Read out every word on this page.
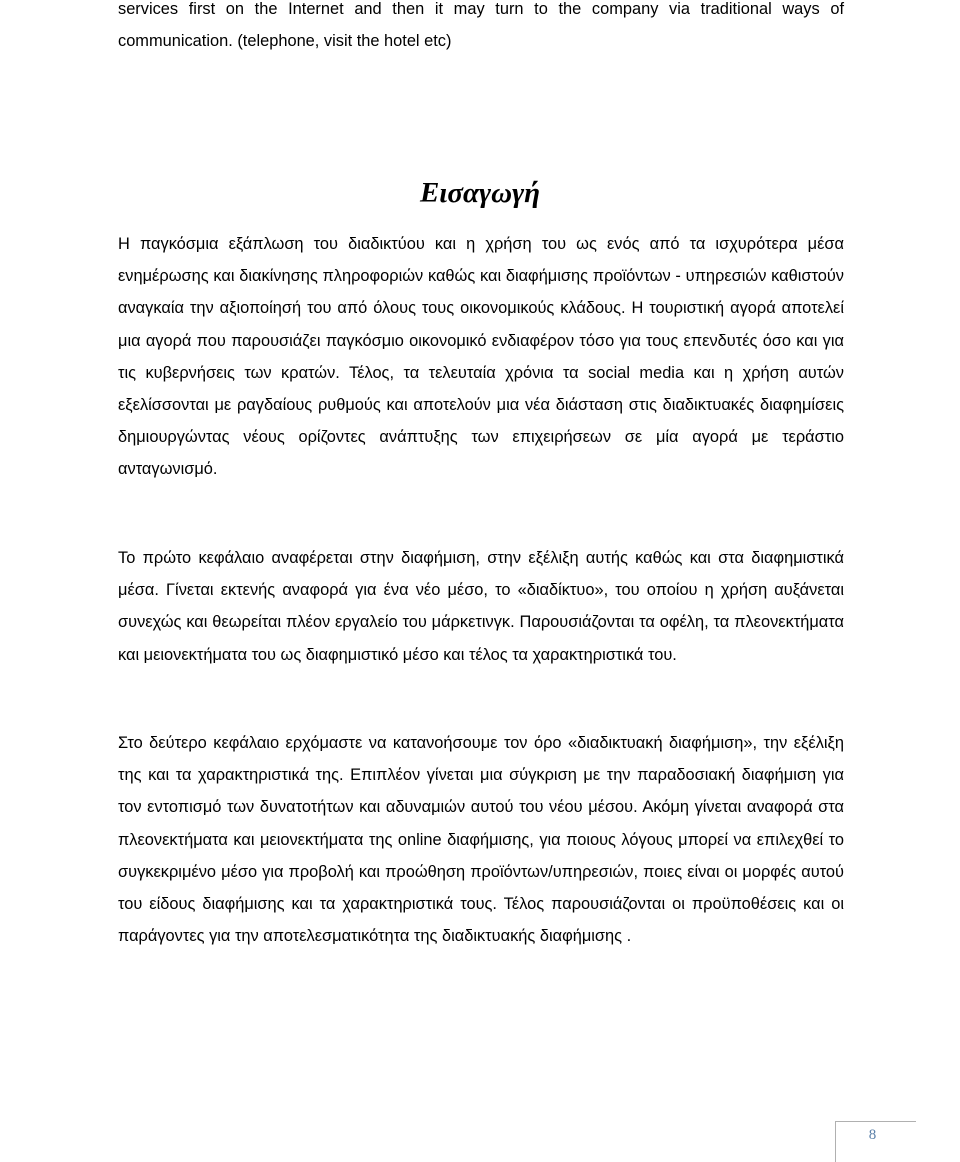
services first on the Internet and then it may turn to the company via traditional ways of communication. (telephone, visit the hotel etc)
Εισαγωγή
Η παγκόσμια εξάπλωση του διαδικτύου και η χρήση του ως ενός από τα ισχυρότερα μέσα ενημέρωσης και διακίνησης πληροφοριών καθώς και διαφήμισης προϊόντων - υπηρεσιών καθιστούν αναγκαία την αξιοποίησή του από όλους τους οικονομικούς κλάδους. Η τουριστική αγορά αποτελεί μια αγορά που παρουσιάζει παγκόσμιο οικονομικό ενδιαφέρον τόσο για τους επενδυτές όσο και για τις κυβερνήσεις των κρατών. Τέλος, τα τελευταία χρόνια τα social media και η χρήση αυτών εξελίσσονται με ραγδαίους ρυθμούς και αποτελούν μια νέα διάσταση στις διαδικτυακές διαφημίσεις δημιουργώντας νέους ορίζοντες ανάπτυξης των επιχειρήσεων σε μία αγορά με τεράστιο ανταγωνισμό.
Το πρώτο κεφάλαιο αναφέρεται στην διαφήμιση, στην εξέλιξη αυτής καθώς και στα διαφημιστικά μέσα. Γίνεται εκτενής αναφορά για ένα νέο μέσο, το «διαδίκτυο», του οποίου η χρήση αυξάνεται συνεχώς και θεωρείται πλέον εργαλείο του μάρκετινγκ. Παρουσιάζονται τα οφέλη, τα πλεονεκτήματα και μειονεκτήματα του ως διαφημιστικό μέσο και τέλος τα χαρακτηριστικά του.
Στο δεύτερο κεφάλαιο ερχόμαστε να κατανοήσουμε τον όρο «διαδικτυακή διαφήμιση», την εξέλιξη της και τα χαρακτηριστικά της. Επιπλέον γίνεται μια σύγκριση με την παραδοσιακή διαφήμιση για τον εντοπισμό των δυνατοτήτων και αδυναμιών αυτού του νέου μέσου. Ακόμη γίνεται αναφορά στα πλεονεκτήματα και μειονεκτήματα της online διαφήμισης, για ποιους λόγους μπορεί να επιλεχθεί το συγκεκριμένο μέσο για προβολή και προώθηση προϊόντων/υπηρεσιών, ποιες είναι οι μορφές αυτού του είδους διαφήμισης και τα χαρακτηριστικά τους. Τέλος παρουσιάζονται οι προϋποθέσεις και οι παράγοντες για την αποτελεσματικότητα της διαδικτυακής διαφήμισης .
8
